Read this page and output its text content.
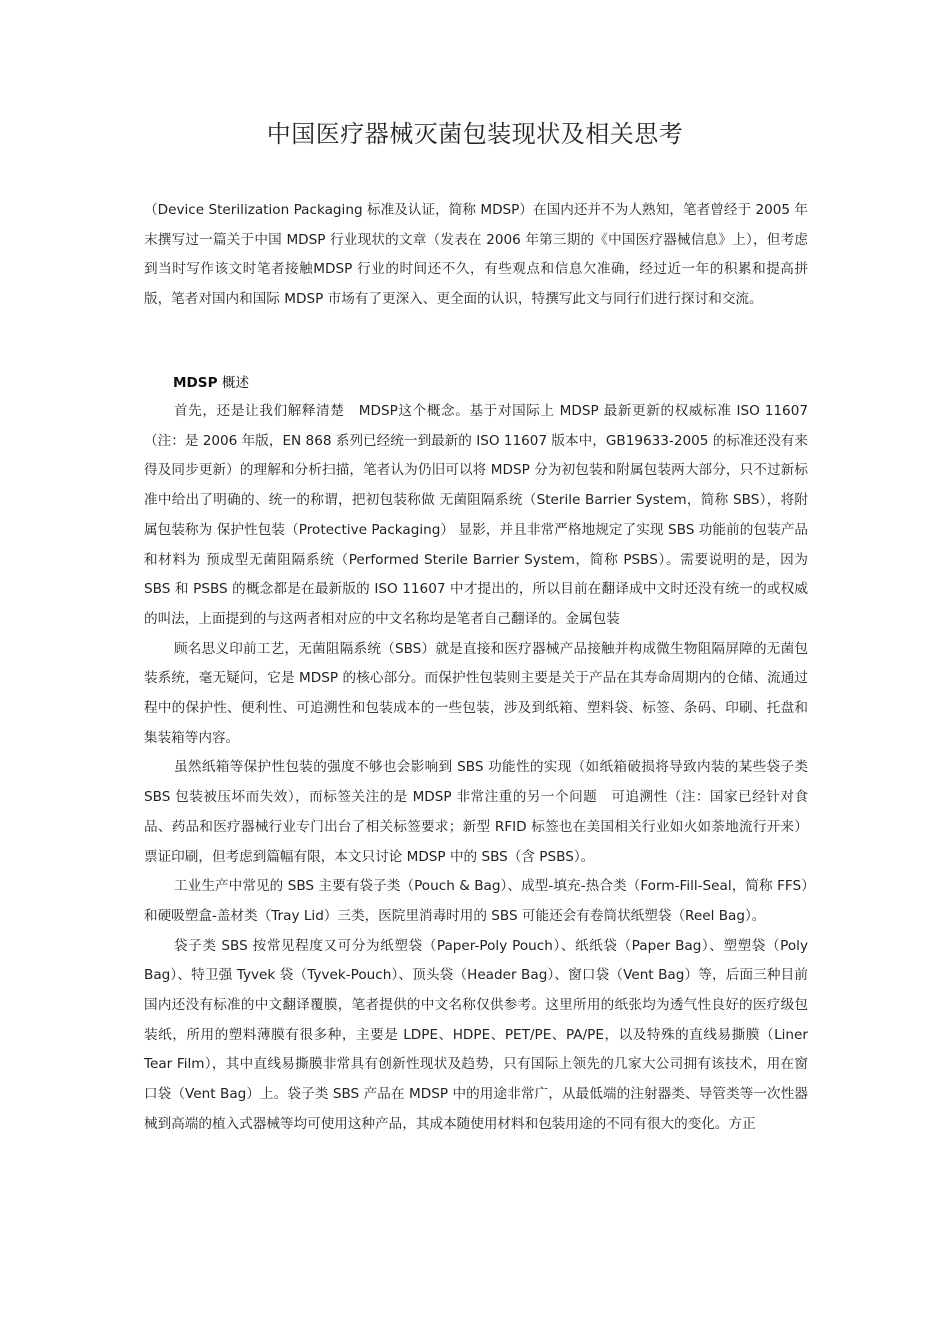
中国医疗器械灭菌包装现状及相关思考

（Device Sterilization Packaging 标准及认证，简称 MDSP）在国内还并不为人熟知，笔者曾经于 2005 年末撰写过一篇关于中国 MDSP 行业现状的文章（发表在 2006 年第三期的《中国医疗器械信息》上），但考虑到当时写作该文时笔者接触MDSP 行业的时间还不久，有些观点和信息欠准确，经过近一年的积累和提高拼版，笔者对国内和国际 MDSP 市场有了更深入、更全面的认识，特撰写此文与同行们进行探讨和交流。

MDSP 概述

首先，还是让我们解释清楚　MDSP这个概念。基于对国际上 MDSP 最新更新的权威标准 ISO 11607（注：是 2006 年版，EN 868 系列已经统一到最新的 ISO 11607 版本中，GB19633-2005 的标准还没有来得及同步更新）的理解和分析扫描，笔者认为仍旧可以将 MDSP 分为初包装和附属包装两大部分，只不过新标准中给出了明确的、统一的称谓，把初包装称做 无菌阻隔系统（Sterile Barrier System，简称 SBS），将附属包装称为 保护性包装（Protective Packaging） 显影，并且非常严格地规定了实现 SBS 功能前的包装产品和材料为 预成型无菌阻隔系统（Performed Sterile Barrier System，简称 PSBS）。需要说明的是，因为 SBS 和 PSBS 的概念都是在最新版的 ISO 11607 中才提出的，所以目前在翻译成中文时还没有统一的或权威的叫法，上面提到的与这两者相对应的中文名称均是笔者自己翻译的。金属包装

顾名思义印前工艺，无菌阻隔系统（SBS）就是直接和医疗器械产品接触并构成微生物阻隔屏障的无菌包装系统，毫无疑问，它是 MDSP 的核心部分。而保护性包装则主要是关于产品在其寿命周期内的仓储、流通过程中的保护性、便利性、可追溯性和包装成本的一些包装，涉及到纸箱、塑料袋、标签、条码、印刷、托盘和集装箱等内容。

虽然纸箱等保护性包装的强度不够也会影响到 SBS 功能性的实现（如纸箱破损将导致内装的某些袋子类 SBS 包装被压坏而失效），而标签关注的是 MDSP 非常注重的另一个问题　可追溯性（注：国家已经针对食品、药品和医疗器械行业专门出台了相关标签要求；新型 RFID 标签也在美国相关行业如火如荼地流行开来）票证印刷，但考虑到篇幅有限，本文只讨论 MDSP 中的 SBS（含 PSBS）。

工业生产中常见的 SBS 主要有袋子类（Pouch & Bag）、成型-填充-热合类（Form-Fill-Seal，简称 FFS）和硬吸塑盒-盖材类（Tray Lid）三类，医院里消毒时用的 SBS 可能还会有卷筒状纸塑袋（Reel Bag）。

袋子类 SBS 按常见程度又可分为纸塑袋（Paper-Poly Pouch）、纸纸袋（Paper Bag）、塑塑袋（Poly Bag）、特卫强 Tyvek 袋（Tyvek-Pouch）、顶头袋（Header Bag）、窗口袋（Vent Bag）等，后面三种目前国内还没有标准的中文翻译覆膜，笔者提供的中文名称仅供参考。这里所用的纸张均为透气性良好的医疗级包装纸，所用的塑料薄膜有很多种，主要是 LDPE、HDPE、PET/PE、PA/PE，以及特殊的直线易撕膜（Liner Tear Film），其中直线易撕膜非常具有创新性现状及趋势，只有国际上领先的几家大公司拥有该技术，用在窗口袋（Vent Bag）上。袋子类 SBS 产品在 MDSP 中的用途非常广，从最低端的注射器类、导管类等一次性器械到高端的植入式器械等均可使用这种产品，其成本随使用材料和包装用途的不同有很大的变化。方正
